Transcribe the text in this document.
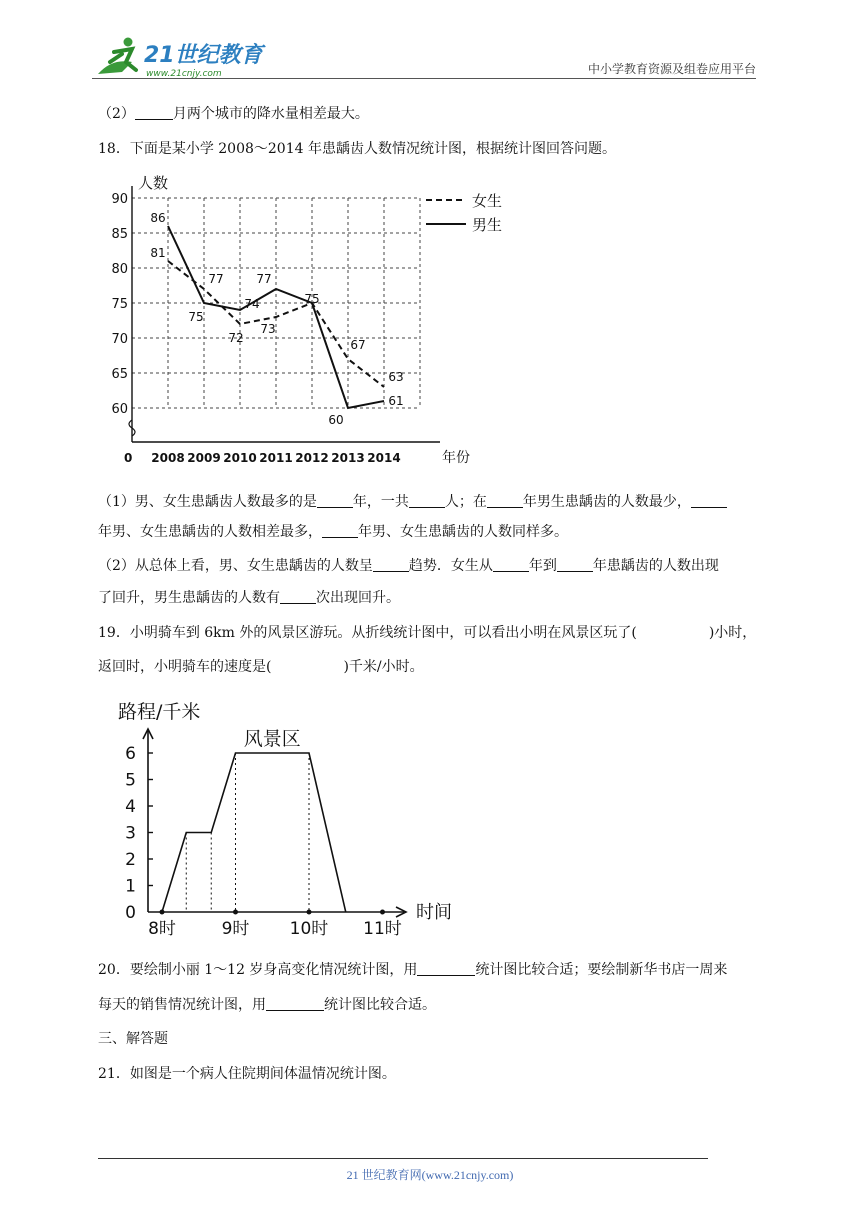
21世纪教育
www.21cnjy.com	中小学教育资源及组卷应用平台
（2）	月两个城市的降水量相差最大。
18．下面是某小学 2008～2014 年患龋齿人数情况统计图，根据统计图回答问题。
60
65
70
75
80
85
90
人数
年份
0 2008 2009 2010 2011 2012 2013 2014
81
77
72
73
75
67
63
86
75
74
77
60
61
女生
男生
（1）男、女生患龋齿人数最多的是	年，一共	人；在	年男生患龋齿的人数最少，
年男、女生患龋齿的人数相差最多，	年男、女生患龋齿的人数同样多。
（2）从总体上看，男、女生患龋齿的人数呈	趋势．女生从	年到	年患龋齿的人数出现
了回升，男生患龋齿的人数有	次出现回升。
19．小明骑车到 6km 外的风景区游玩。从折线统计图中，可以看出小明在风景区玩了(	)小时，
返回时，小明骑车的速度是(	)千米/小时。
路程/千米
时间
0
1
2
3
4
5
6
8时	9时 10时 11时
风景区
20．要绘制小丽 1～12 岁身高变化情况统计图，用	统计图比较合适；要绘制新华书店一周来
每天的销售情况统计图，用	统计图比较合适。
三、解答题
21．如图是一个病人住院期间体温情况统计图。
21 世纪教育网(www.21cnjy.com)
